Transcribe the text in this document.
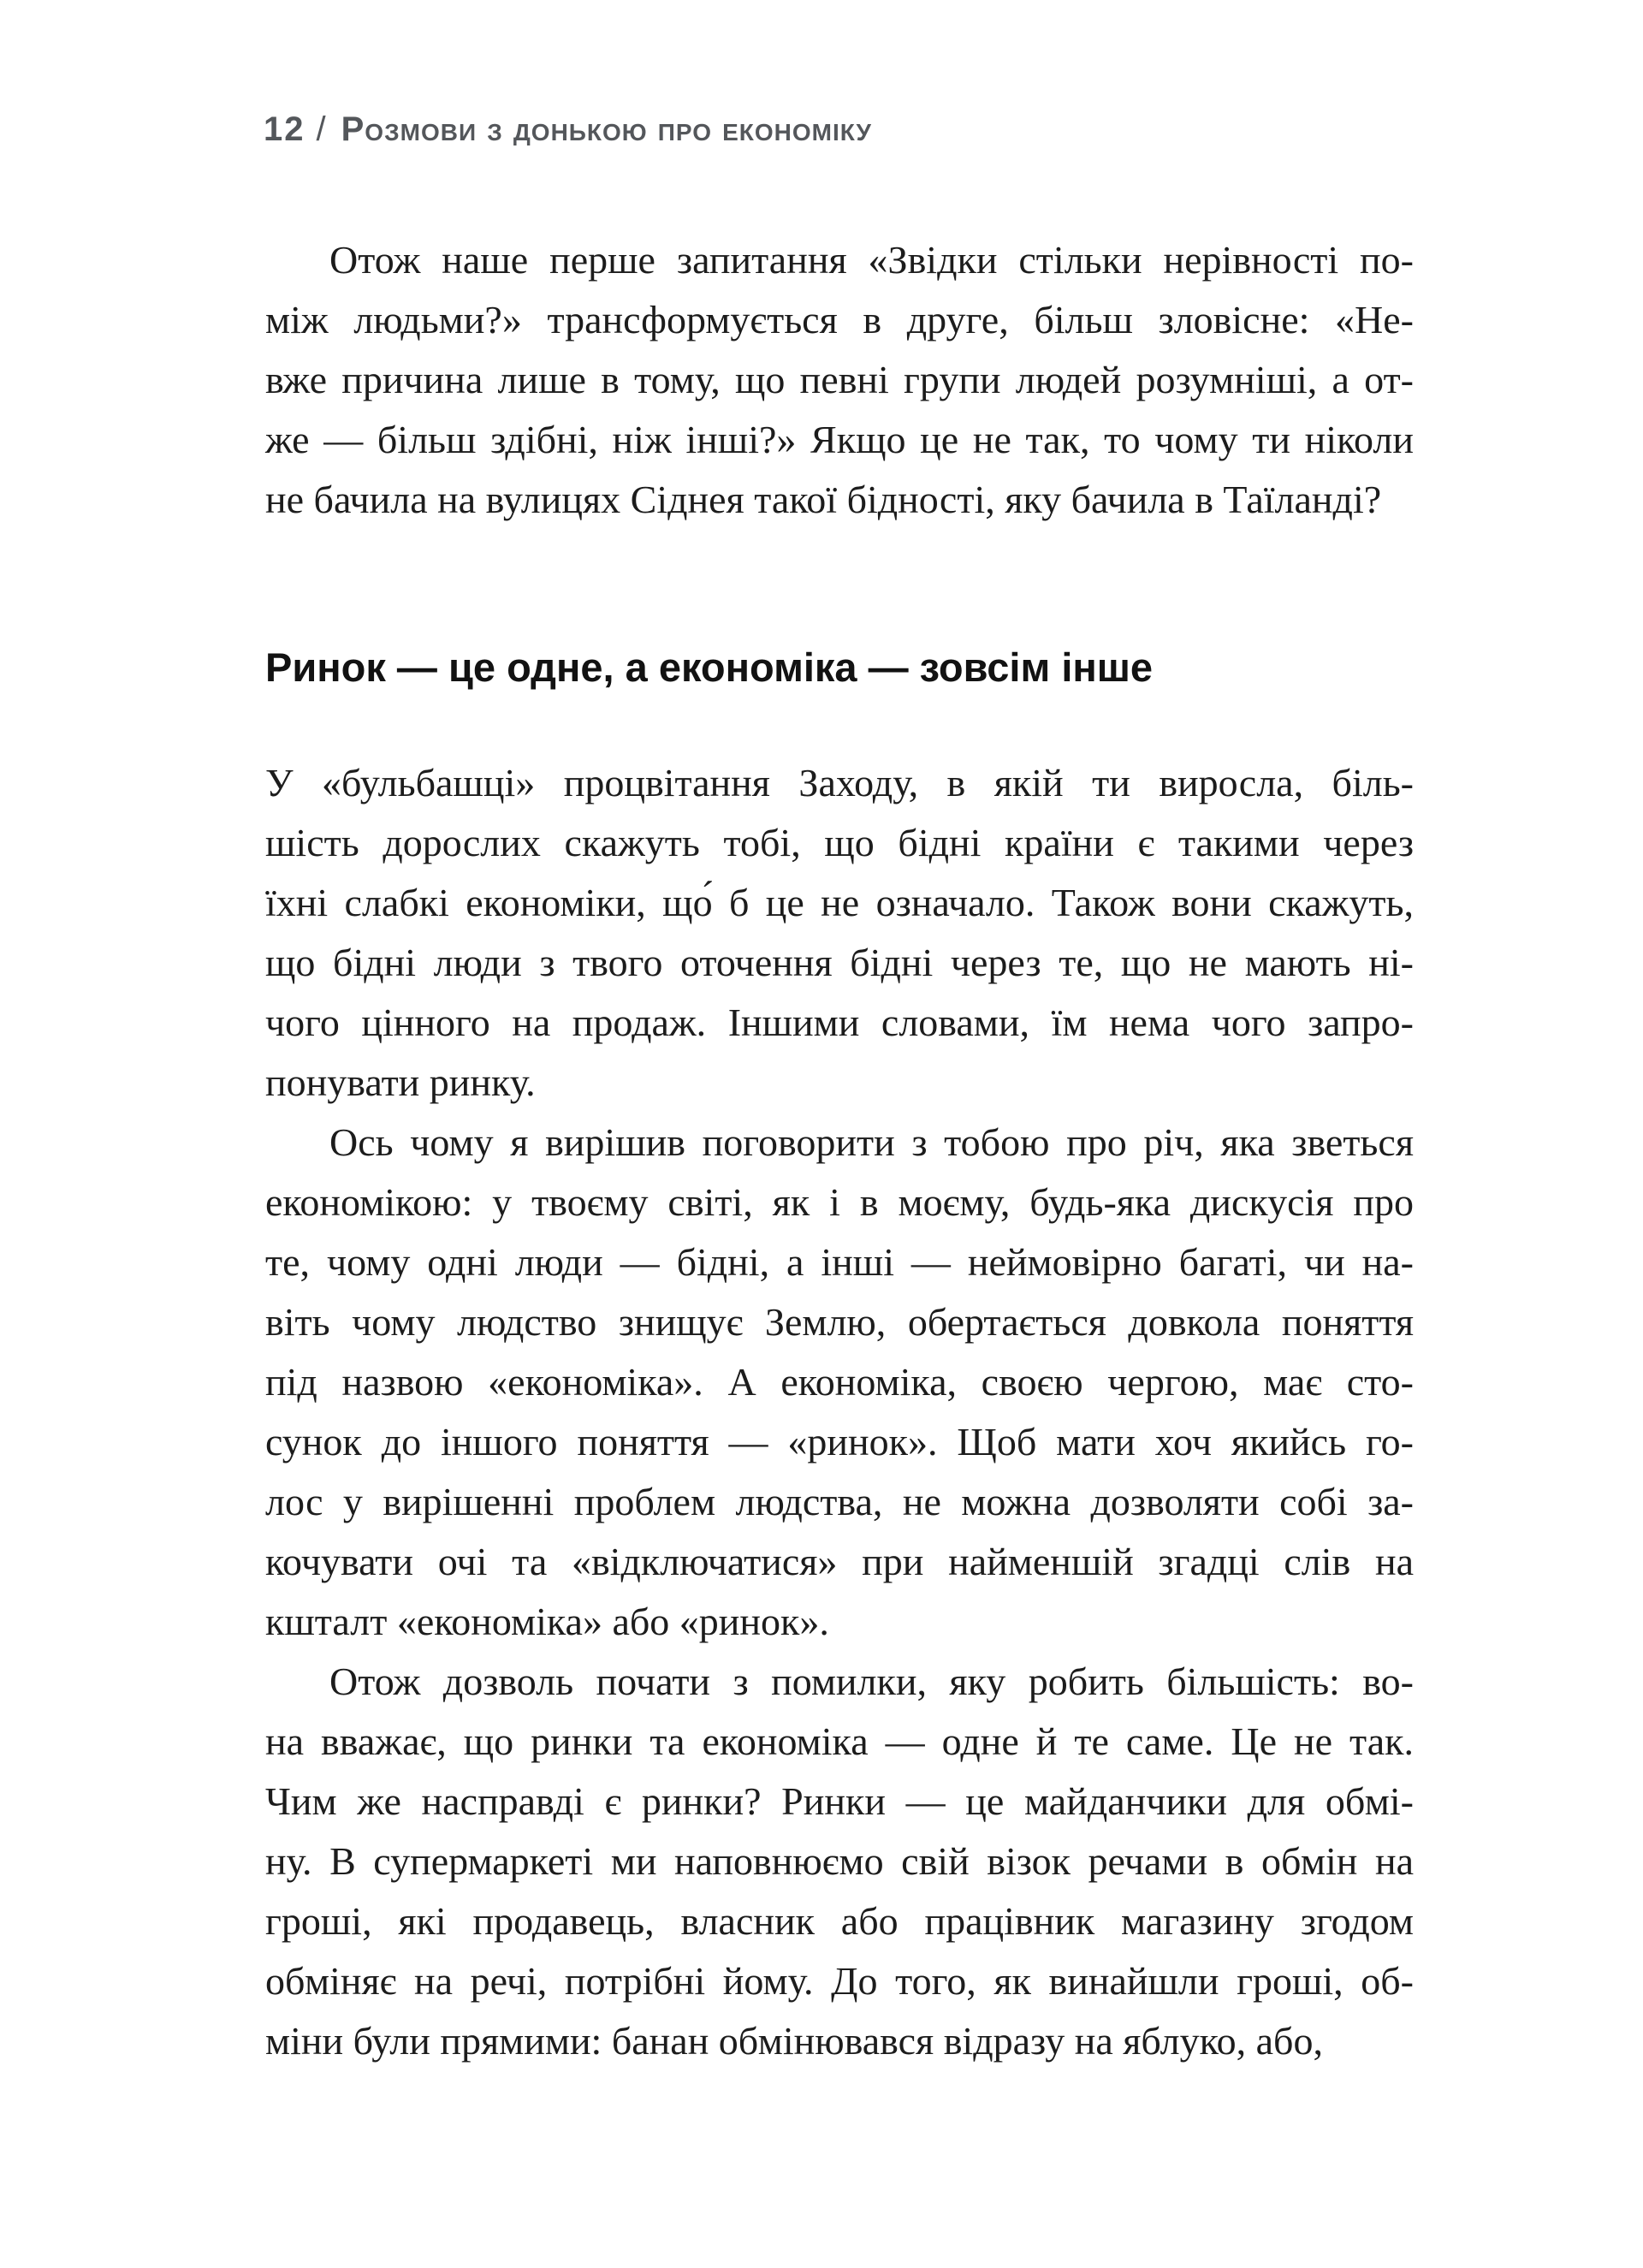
12 / Розмови з донькою про економіку
Отож наше перше запитання «Звідки стільки нерівності по-
між людьми?» трансформується в друге, більш зловісне: «Не-
вже причина лише в тому, що певні групи людей розумніші, а от-
же — більш здібні, ніж інші?» Якщо це не так, то чому ти ніколи
не бачила на вулицях Сіднея такої бідності, яку бачила в Таїланді?
Ринок — це одне, а економіка — зовсім інше
У «бульбашці» процвітання Заходу, в якій ти виросла, біль-
шість дорослих скажуть тобі, що бідні країни є такими через
їхні слабкі економіки, що́ б це не означало. Також вони скажуть,
що бідні люди з твого оточення бідні через те, що не мають ні-
чого цінного на продаж. Іншими словами, їм нема чого запро-
понувати ринку.
Ось чому я вирішив поговорити з тобою про річ, яка зветься
економікою: у твоєму світі, як і в моєму, будь-яка дискусія про
те, чому одні люди — бідні, а інші — неймовірно багаті, чи на-
віть чому людство знищує Землю, обертається довкола поняття
під назвою «економіка». А економіка, своєю чергою, має сто-
сунок до іншого поняття — «ринок». Щоб мати хоч якийсь го-
лос у вирішенні проблем людства, не можна дозволяти собі за-
кочувати очі та «відключатися» при найменшій згадці слів на
кшталт «економіка» або «ринок».
Отож дозволь почати з помилки, яку робить більшість: во-
на вважає, що ринки та економіка — одне й те саме. Це не так.
Чим же насправді є ринки? Ринки — це майданчики для обмі-
ну. В супермаркеті ми наповнюємо свій візок речами в обмін на
гроші, які продавець, власник або працівник магазину згодом
обміняє на речі, потрібні йому. До того, як винайшли гроші, об-
міни були прямими: банан обмінювався відразу на яблуко, або,
